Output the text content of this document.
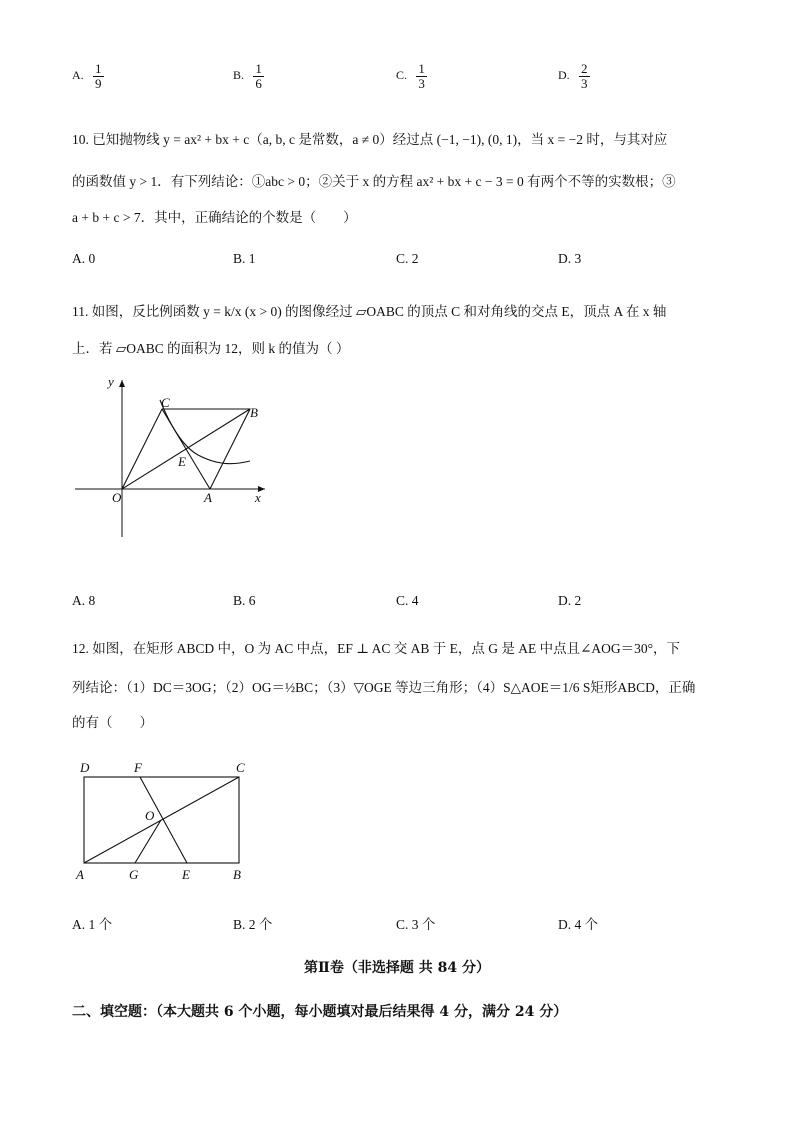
A. $\frac{1}{9}$	B. $\frac{1}{6}$	C. $\frac{1}{3}$	D. $\frac{2}{3}$
10. 已知抛物线 y = ax² + bx + c（a, b, c 是常数，a ≠ 0）经过点 (−1, −1), (0, 1)，当 x = −2 时，与其对应
的函数值 y > 1．有下列结论：①abc > 0；②关于 x 的方程 ax² + bx + c − 3 = 0 有两个不等的实数根；③
a + b + c > 7．其中，正确结论的个数是（　　）
A. 0	B. 1	C. 2	D. 3
11. 如图，反比例函数 y = k/x (x > 0) 的图像经过 ▱OABC 的顶点 C 和对角线的交点 E，顶点 A 在 x 轴
上．若 ▱OABC 的面积为 12，则 k 的值为（ ）
y
x
O	A
B
C
E
A. 8	B. 6	C. 4	D. 2
12. 如图，在矩形 ABCD 中，O 为 AC 中点，EF ⊥ AC 交 AB 于 E，点 G 是 AE 中点且∠AOG＝30°，下
列结论：（1）DC＝3OG；（2）OG＝½BC；（3）▽OGE 等边三角形；（4）S△AOE＝1/6 S矩形ABCD，正确
的有（　　）
D	F	C
O
A	G	E	B
A. 1 个	B. 2 个	C. 3 个	D. 4 个
第Ⅱ卷（非选择题 共 84 分）
二、填空题：（本大题共 6 个小题，每小题填对最后结果得 4 分，满分 24 分）
